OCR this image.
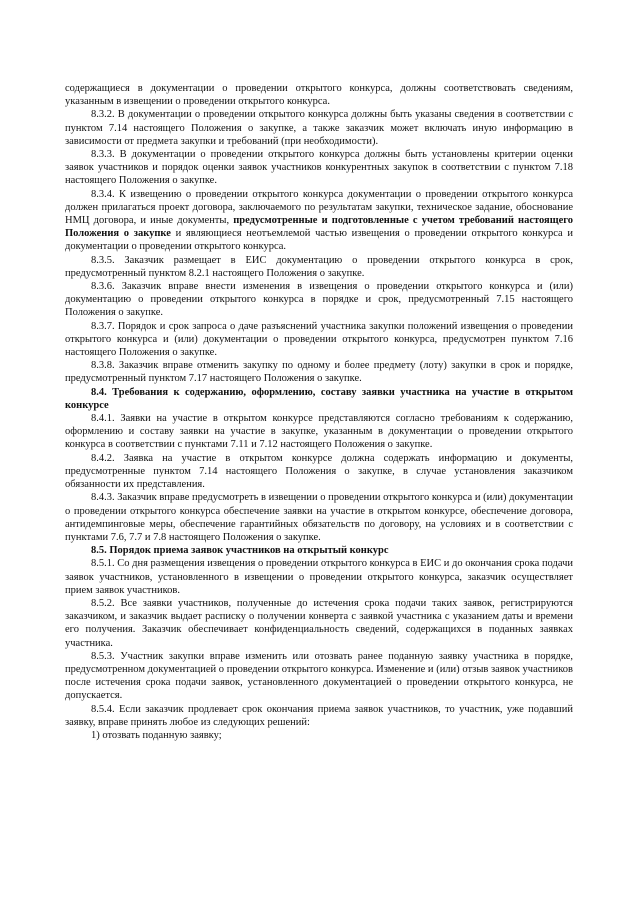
содержащиеся в документации о проведении открытого конкурса, должны соответствовать сведениям, указанным в извещении о проведении открытого конкурса.

8.3.2. В документации о проведении открытого конкурса должны быть указаны сведения в соответствии с пунктом 7.14 настоящего Положения о закупке, а также заказчик может включать иную информацию в зависимости от предмета закупки и требований (при необходимости).

8.3.3. В документации о проведении открытого конкурса должны быть установлены критерии оценки заявок участников и порядок оценки заявок участников конкурентных закупок в соответствии с пунктом 7.18 настоящего Положения о закупке.

8.3.4. К извещению о проведении открытого конкурса документации о проведении открытого конкурса должен прилагаться проект договора, заключаемого по результатам закупки, техническое задание, обоснование НМЦ договора, и иные документы, предусмотренные и подготовленные с учетом требований настоящего Положения о закупке и являющиеся неотъемлемой частью извещения о проведении открытого конкурса и документации о проведении открытого конкурса.

8.3.5. Заказчик размещает в ЕИС документацию о проведении открытого конкурса в срок, предусмотренный пунктом 8.2.1 настоящего Положения о закупке.

8.3.6. Заказчик вправе внести изменения в извещения о проведении открытого конкурса и (или) документацию о проведении открытого конкурса в порядке и срок, предусмотренный 7.15 настоящего Положения о закупке.

8.3.7. Порядок и срок запроса о даче разъяснений участника закупки положений извещения о проведении открытого конкурса и (или) документации о проведении открытого конкурса, предусмотрен пунктом 7.16 настоящего Положения о закупке.

8.3.8. Заказчик вправе отменить закупку по одному и более предмету (лоту) закупки в срок и порядке, предусмотренный пунктом 7.17 настоящего Положения о закупке.

8.4. Требования к содержанию, оформлению, составу заявки участника на участие в открытом конкурсе

8.4.1. Заявки на участие в открытом конкурсе представляются согласно требованиям к содержанию, оформлению и составу заявки на участие в закупке, указанным в документации о проведении открытого конкурса в соответствии с пунктами 7.11 и 7.12 настоящего Положения о закупке.

8.4.2. Заявка на участие в открытом конкурсе должна содержать информацию и документы, предусмотренные пунктом 7.14 настоящего Положения о закупке, в случае установления заказчиком обязанности их представления.

8.4.3. Заказчик вправе предусмотреть в извещении о проведении открытого конкурса и (или) документации о проведении открытого конкурса обеспечение заявки на участие в открытом конкурсе, обеспечение договора, антидемпинговые меры, обеспечение гарантийных обязательств по договору, на условиях и в соответствии с пунктами 7.6, 7.7 и 7.8 настоящего Положения о закупке.

8.5. Порядок приема заявок участников на открытый конкурс

8.5.1. Со дня размещения извещения о проведении открытого конкурса в ЕИС и до окончания срока подачи заявок участников, установленного в извещении о проведении открытого конкурса, заказчик осуществляет прием заявок участников.

8.5.2. Все заявки участников, полученные до истечения срока подачи таких заявок, регистрируются заказчиком, и заказчик выдает расписку о получении конверта с заявкой участника с указанием даты и времени его получения. Заказчик обеспечивает конфиденциальность сведений, содержащихся в поданных заявках участника.

8.5.3. Участник закупки вправе изменить или отозвать ранее поданную заявку участника в порядке, предусмотренном документацией о проведении открытого конкурса. Изменение и (или) отзыв заявок участников после истечения срока подачи заявок, установленного документацией о проведении открытого конкурса, не допускается.

8.5.4. Если заказчик продлевает срок окончания приема заявок участников, то участник, уже подавший заявку, вправе принять любое из следующих решений:

1) отозвать поданную заявку;
